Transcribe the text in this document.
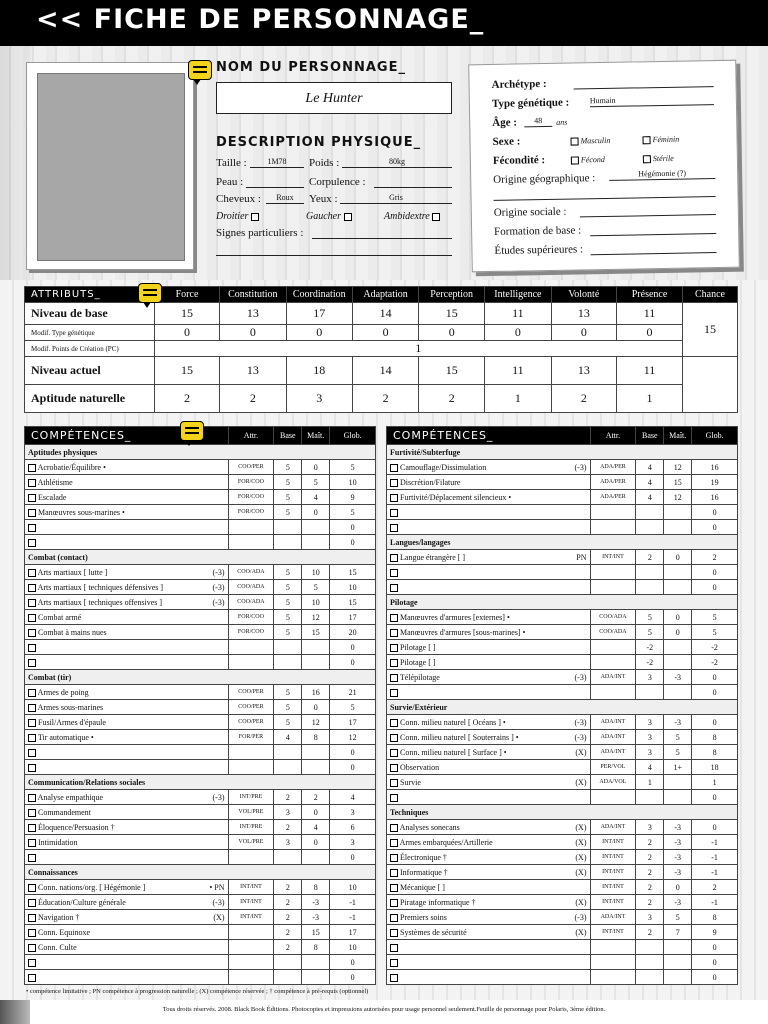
<< FICHE DE PERSONNAGE_
NOM DU PERSONNAGE_
Le Hunter
DESCRIPTION PHYSIQUE_
Taille :	1M78	Poids :	80kg
Peau :	Corpulence :
Cheveux :	Roux	Yeux :	Gris
Droitier	Gaucher	Ambidextre
Signes particuliers :
Archétype :
Type génétique :	Humain
Âge :	48	ans
Sexe :	Masculin	Féminin
Fécondité :	Fécond	Stérile
Origine géographique :	Hégémonie (?)
Origine sociale :
Formation de base :
Études supérieures :
ATTRIBUTS_	Force	Constitution	Coordination	Adaptation	Perception	Intelligence	Volonté	Présence	Chance
Niveau de base	15	13	17	14	15	11	13	11	15
Modif. Type génétique	0	0	0	0	0	0	0	0	
Modif. Points de Création (PC)	1								
Niveau actuel	15	13	18	14	15	11	13	11	
Aptitude naturelle	2	2	3	2	2	1	2	1	
COMPÉTENCES_	Attr.	Base	Maît.	Glob.
Aptitudes physiques				
Acrobatie/Équilibre •	COO/PER	5	0	5
Athlétisme	FOR/COO	5	5	10
Escalade	FOR/COO	5	4	9
Manœuvres sous-marines •	FOR/COO	5	0	5

				0

				0
Combat (contact)				
Arts martiaux [ lutte ] (-3)	COO/ADA	5	10	15
Arts martiaux [ techniques défensives ] (-3)	COO/ADA	5	5	10
Arts martiaux [ techniques offensives ] (-3)	COO/ADA	5	10	15
Combat armé	FOR/COO	5	12	17
Combat à mains nues	FOR/COO	5	15	20

				0

				0
Combat (tir)				
Armes de poing	COO/PER	5	16	21
Armes sous-marines	COO/PER	5	0	5
Fusil/Armes d'épaule	COO/PER	5	12	17
Tir automatique •	FOR/PER	4	8	12

				0

				0
Communication/Relations sociales				
Analyse empathique (-3)	INT/PRE	2	2	4
Commandement	VOL/PRE	3	0	3
Éloquence/Persuasion †	INT/PRE	2	4	6
Intimidation	VOL/PRE	3	0	3

				0
Connaissances				
Conn. nations/org. [ Hégémonie ] • PN	INT/INT	2	8	10
Éducation/Culture générale (-3)	INT/INT	2	-3	-1
Navigation † (X)	INT/INT	2	-3	-1
Conn. Equinoxe		2	15	17
Conn. Culte		2	8	10

				0

				0
COMPÉTENCES_	Attr.	Base	Maît.	Glob.
Furtivité/Subterfuge				
Camouflage/Dissimulation (-3)	ADA/PER	4	12	16
Discrétion/Filature	ADA/PER	4	15	19
Furtivité/Déplacement silencieux •	ADA/PER	4	12	16

				0

				0
Langues/langages				
Langue étrangère [ ] PN	INT/INT	2	0	2

				0

				0
Pilotage				
Manœuvres d'armures [externes] •	COO/ADA	5	0	5
Manœuvres d'armures [sous-marines] •	COO/ADA	5	0	5
Pilotage [ ]		-2		-2
Pilotage [ ]		-2		-2
Télépilotage (-3)	ADA/INT	3	-3	0

				0
Survie/Extérieur				
Conn. milieu naturel [ Océans ] • (-3)	ADA/INT	3	-3	0
Conn. milieu naturel [ Souterrains ] • (-3)	ADA/INT	3	5	8
Conn. milieu naturel [ Surface ] • (X)	ADA/INT	3	5	8
Observation	PER/VOL	4	1+	18
Survie (X)	ADA/VOL	1		1

				0
Techniques				
Analyses sonecans (X)	ADA/INT	3	-3	0
Armes embarquées/Artillerie (X)	INT/INT	2	-3	-1
Électronique † (X)	INT/INT	2	-3	-1
Informatique † (X)	INT/INT	2	-3	-1
Mécanique [ ]	INT/INT	2	0	2
Piratage informatique † (X)	INT/INT	2	-3	-1
Premiers soins (-3)	ADA/INT	3	5	8
Systèmes de sécurité (X)	INT/INT	2	7	9

				0

				0

				0
• compétence limitative ; PN compétence à progression naturelle ; (X) compétence réservée ; † compétence à pré-requis (optionnel)
Tous droits réservés. 2008. Black Book Éditions. Photocopies et impressions autorisées pour usage personnel seulement.Feuille de personnage pour Polaris, 3ème édition.
